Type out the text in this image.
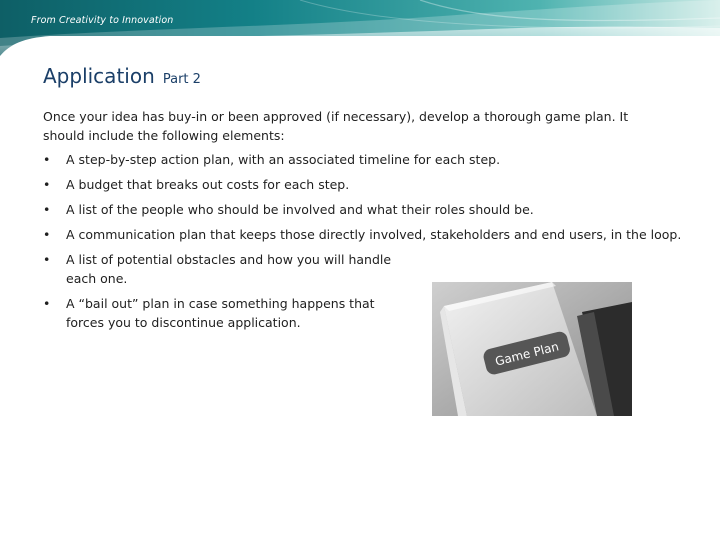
From Creativity to Innovation
Application Part 2
Once your idea has buy-in or been approved (if necessary), develop a thorough game plan. It should include the following elements:
• A step-by-step action plan, with an associated timeline for each step.
• A budget that breaks out costs for each step.
• A list of the people who should be involved and what their roles should be.
• A communication plan that keeps those directly involved, stakeholders and end users, in the loop.
• A list of potential obstacles and how you will handle each one.
• A “bail out” plan in case something happens that forces you to discontinue application.
Game Plan
